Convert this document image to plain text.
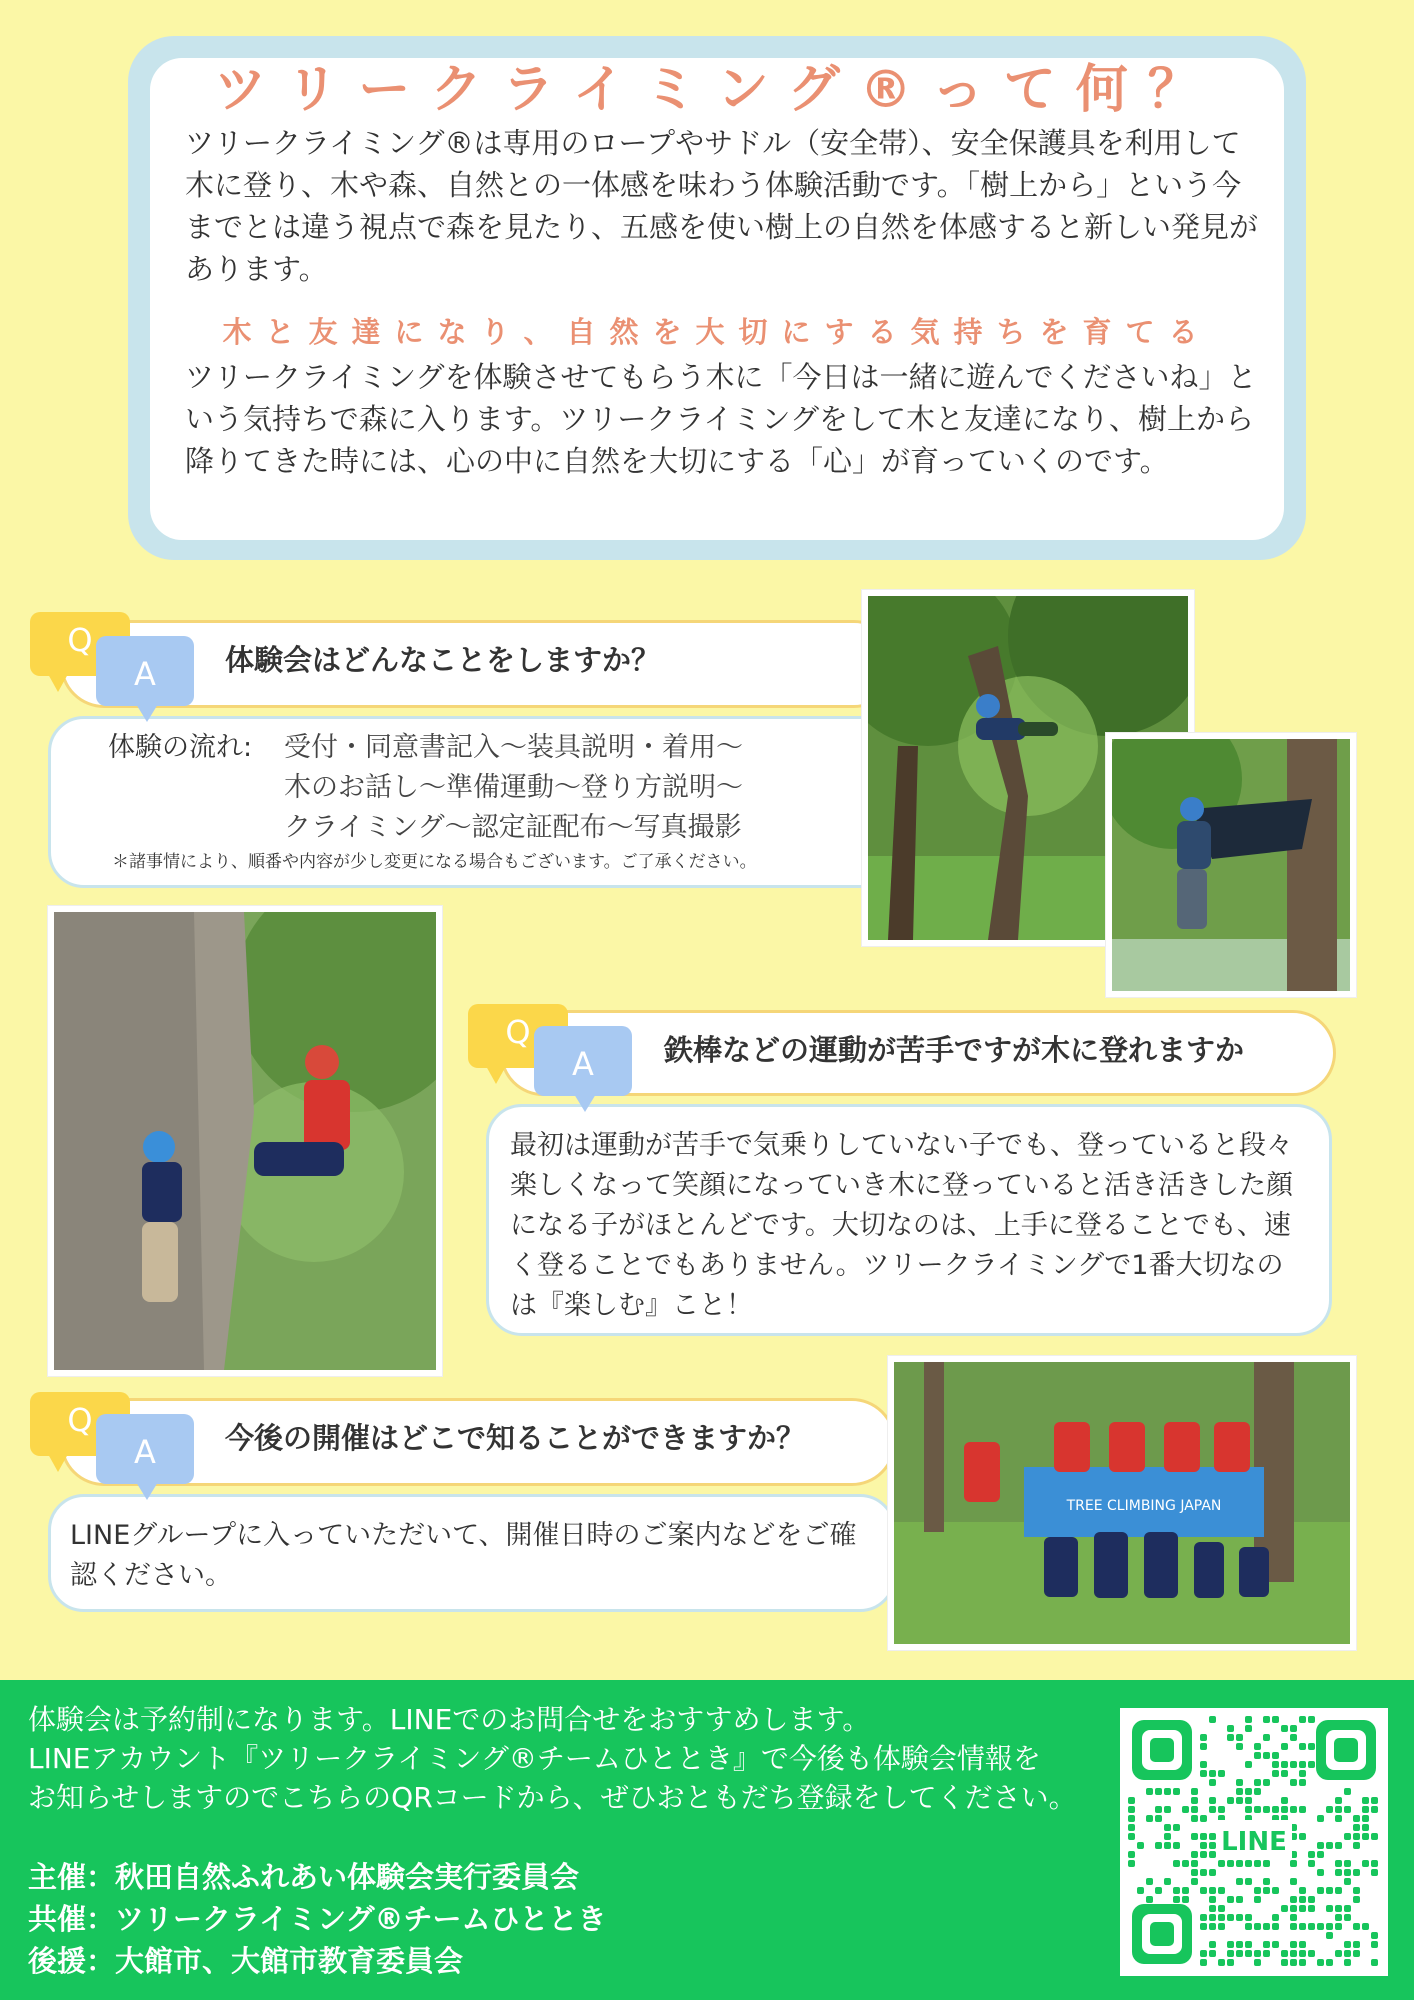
ツリークライミング®って何？
ツリークライミング®は専用のロープやサドル（安全帯）、安全保護具を利用して木に登り、木や森、自然との一体感を味わう体験活動です。「樹上から」という今までとは違う視点で森を見たり、五感を使い樹上の自然を体感すると新しい発見があります。
木と友達になり、自然を大切にする気持ちを育てる
ツリークライミングを体験させてもらう木に「今日は一緒に遊んでくださいね」という気持ちで森に入ります。ツリークライミングをして木と友達になり、樹上から降りてきた時には、心の中に自然を大切にする「心」が育っていくのです。
体験会はどんなことをしますか？
Q
A
体験の流れ: 受付・同意書記入～装具説明・着用～
木のお話し～準備運動～登り方説明～
クライミング～認定証配布～写真撮影
＊諸事情により、順番や内容が少し変更になる場合もございます。ご了承ください。
鉄棒などの運動が苦手ですが木に登れますか
Q
A
最初は運動が苦手で気乗りしていない子でも、登っていると段々楽しくなって笑顔になっていき木に登っていると活き活きした顔になる子がほとんどです。大切なのは、上手に登ることでも、速く登ることでもありません。ツリークライミングで1番大切なのは『楽しむ』こと！
今後の開催はどこで知ることができますか？
Q
A
LINEグループに入っていただいて、開催日時のご案内などをご確認ください。
TREE CLIMBING JAPAN
体験会は予約制になります。LINEでのお問合せをおすすめします。
LINEアカウント『ツリークライミング®チームひととき』で今後も体験会情報を
お知らせしますのでこちらのQRコードから、ぜひおともだち登録をしてください。
主催：秋田自然ふれあい体験会実行委員会
共催：ツリークライミング®チームひととき
後援：大館市、大館市教育委員会
LINE
